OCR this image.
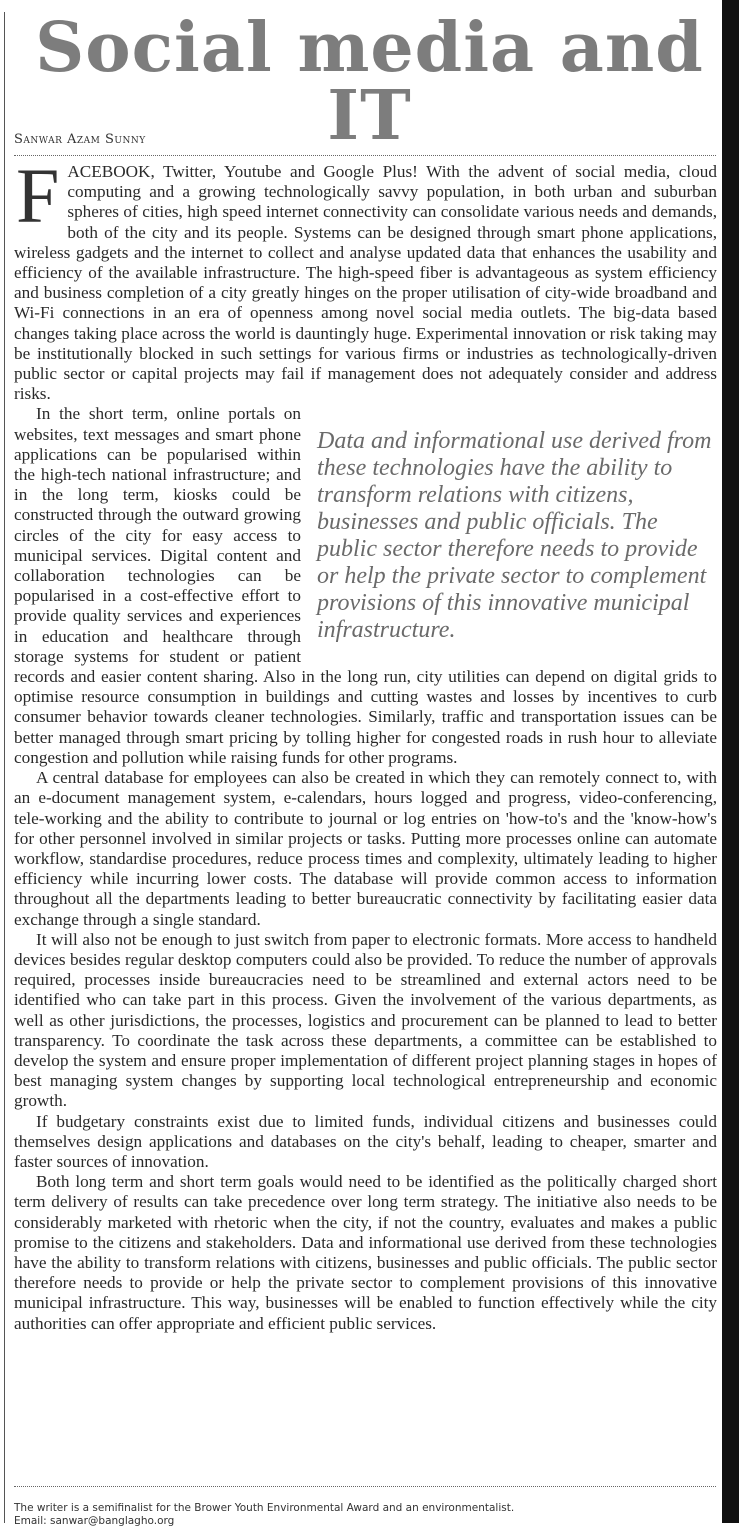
Social media and IT
Sanwar Azam Sunny

FACEBOOK, Twitter, Youtube and Google Plus! With the advent of social media, cloud computing and a growing technologically savvy population, in both urban and suburban spheres of cities, high speed internet connectivity can consolidate various needs and demands, both of the city and its people. Systems can be designed through smart phone applications, wireless gadgets and the internet to collect and analyse updated data that enhances the usability and efficiency of the available infrastructure. The high-speed fiber is advantageous as system efficiency and business completion of a city greatly hinges on the proper utilisation of city-wide broadband and Wi-Fi connections in an era of openness among novel social media outlets. The big-data based changes taking place across the world is dauntingly huge. Experimental innovation or risk taking may be institutionally blocked in such settings for various firms or industries as technologically-driven public sector or capital projects may fail if management does not adequately consider and address risks.

Data and informational use derived from these technologies have the ability to transform relations with citizens, businesses and public officials. The public sector therefore needs to provide or help the private sector to complement provisions of this innovative municipal infrastructure.

In the short term, online portals on websites, text messages and smart phone applications can be popularised within the high-tech national infrastructure; and in the long term, kiosks could be constructed through the outward growing circles of the city for easy access to municipal services. Digital content and collaboration technologies can be popularised in a cost-effective effort to provide quality services and experiences in education and healthcare through storage systems for student or patient records and easier content sharing. Also in the long run, city utilities can depend on digital grids to optimise resource consumption in buildings and cutting wastes and losses by incentives to curb consumer behavior towards cleaner technologies. Similarly, traffic and transportation issues can be better managed through smart pricing by tolling higher for congested roads in rush hour to alleviate congestion and pollution while raising funds for other programs.

A central database for employees can also be created in which they can remotely connect to, with an e-document management system, e-calendars, hours logged and progress, video-conferencing, tele-working and the ability to contribute to journal or log entries on 'how-to's and the 'know-how's for other personnel involved in similar projects or tasks. Putting more processes online can automate workflow, standardise procedures, reduce process times and complexity, ultimately leading to higher efficiency while incurring lower costs. The database will provide common access to information throughout all the departments leading to better bureaucratic connectivity by facilitating easier data exchange through a single standard.

It will also not be enough to just switch from paper to electronic formats. More access to handheld devices besides regular desktop computers could also be provided. To reduce the number of approvals required, processes inside bureaucracies need to be streamlined and external actors need to be identified who can take part in this process. Given the involvement of the various departments, as well as other jurisdictions, the processes, logistics and procurement can be planned to lead to better transparency. To coordinate the task across these departments, a committee can be established to develop the system and ensure proper implementation of different project planning stages in hopes of best managing system changes by supporting local technological entrepreneurship and economic growth.

If budgetary constraints exist due to limited funds, individual citizens and businesses could themselves design applications and databases on the city's behalf, leading to cheaper, smarter and faster sources of innovation.

Both long term and short term goals would need to be identified as the politically charged short term delivery of results can take precedence over long term strategy. The initiative also needs to be considerably marketed with rhetoric when the city, if not the country, evaluates and makes a public promise to the citizens and stakeholders. Data and informational use derived from these technologies have the ability to transform relations with citizens, businesses and public officials. The public sector therefore needs to provide or help the private sector to complement provisions of this innovative municipal infrastructure. This way, businesses will be enabled to function effectively while the city authorities can offer appropriate and efficient public services.

The writer is a semifinalist for the Brower Youth Environmental Award and an environmentalist.
Email: sanwar@banglagho.org
